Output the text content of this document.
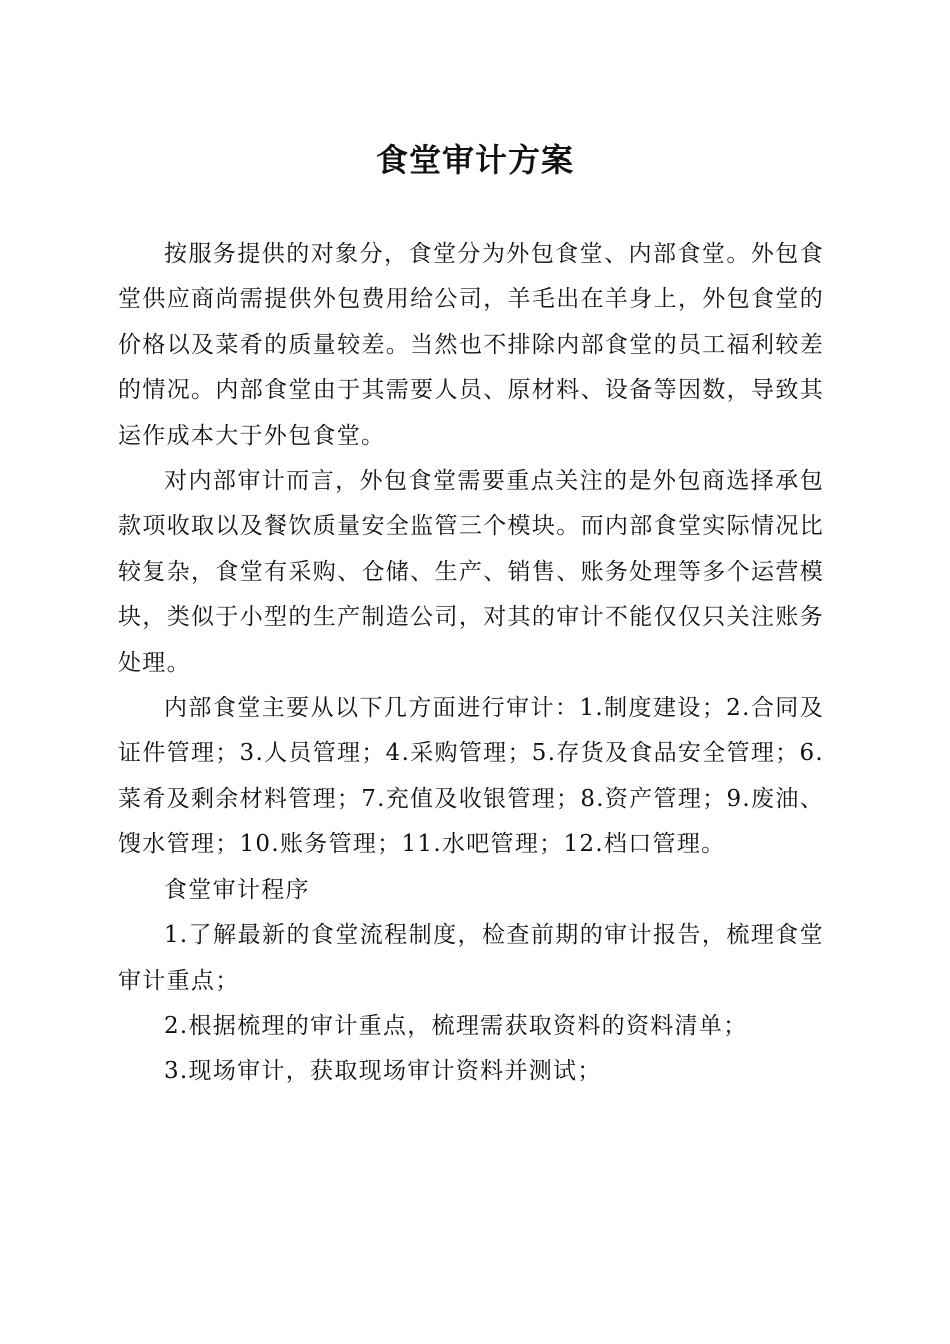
食堂审计方案

按服务提供的对象分，食堂分为外包食堂、内部食堂。外包食堂供应商尚需提供外包费用给公司，羊毛出在羊身上，外包食堂的价格以及菜肴的质量较差。当然也不排除内部食堂的员工福利较差的情况。内部食堂由于其需要人员、原材料、设备等因数，导致其运作成本大于外包食堂。

对内部审计而言，外包食堂需要重点关注的是外包商选择承包款项收取以及餐饮质量安全监管三个模块。而内部食堂实际情况比较复杂，食堂有采购、仓储、生产、销售、账务处理等多个运营模块，类似于小型的生产制造公司，对其的审计不能仅仅只关注账务处理。

内部食堂主要从以下几方面进行审计：1.制度建设；2.合同及证件管理；3.人员管理；4.采购管理；5.存货及食品安全管理；6.菜肴及剩余材料管理；7.充值及收银管理；8.资产管理；9.废油、馊水管理；10.账务管理；11.水吧管理；12.档口管理。

食堂审计程序

1.了解最新的食堂流程制度，检查前期的审计报告，梳理食堂审计重点；

2.根据梳理的审计重点，梳理需获取资料的资料清单；

3.现场审计，获取现场审计资料并测试；
